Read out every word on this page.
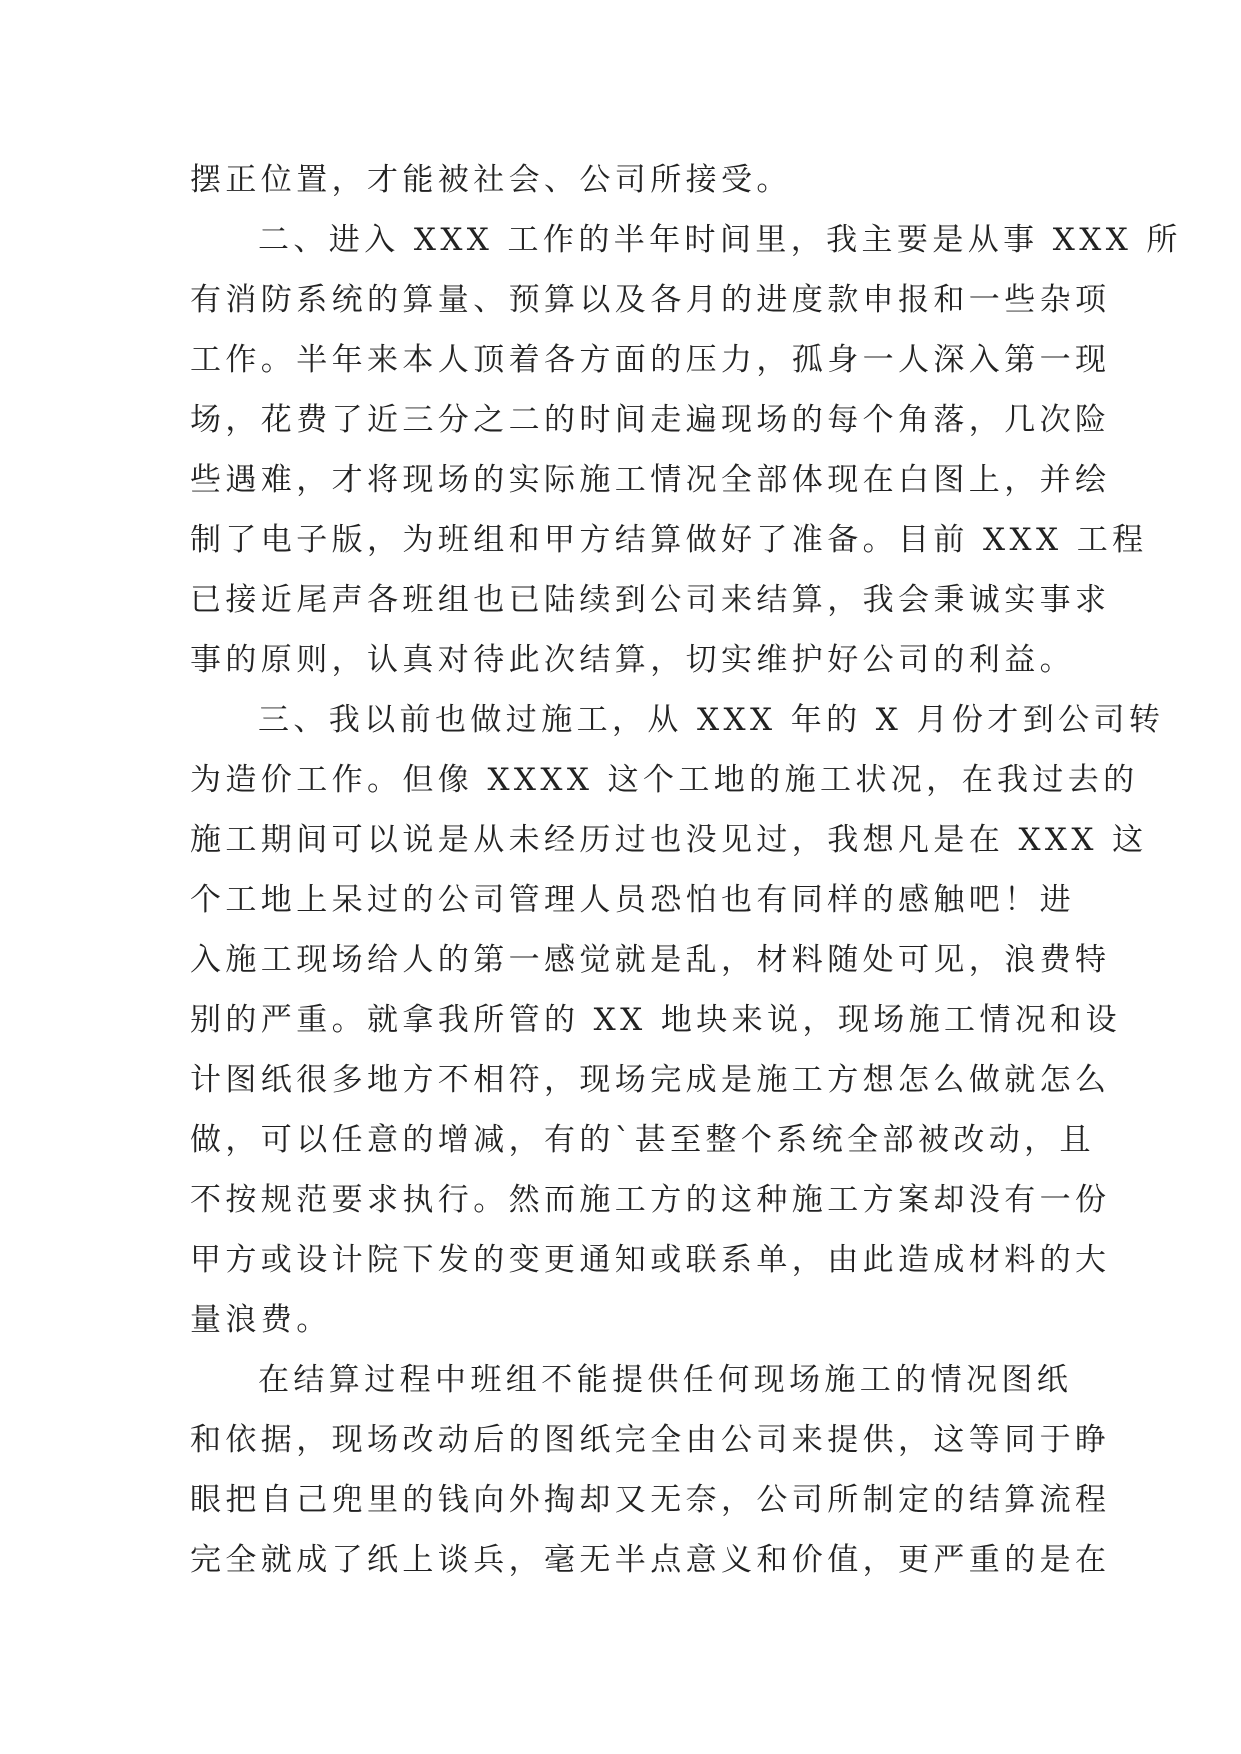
摆正位置，才能被社会、公司所接受。
二、进入 XXX 工作的半年时间里，我主要是从事 XXX 所
有消防系统的算量、预算以及各月的进度款申报和一些杂项
工作。半年来本人顶着各方面的压力，孤身一人深入第一现
场，花费了近三分之二的时间走遍现场的每个角落，几次险
些遇难，才将现场的实际施工情况全部体现在白图上，并绘
制了电子版，为班组和甲方结算做好了准备。目前 XXX 工程
已接近尾声各班组也已陆续到公司来结算，我会秉诚实事求
事的原则，认真对待此次结算，切实维护好公司的利益。
三、我以前也做过施工，从 XXX 年的 X 月份才到公司转
为造价工作。但像 XXXX 这个工地的施工状况，在我过去的
施工期间可以说是从未经历过也没见过，我想凡是在 XXX 这
个工地上呆过的公司管理人员恐怕也有同样的感触吧！进
入施工现场给人的第一感觉就是乱，材料随处可见，浪费特
别的严重。就拿我所管的 XX 地块来说，现场施工情况和设
计图纸很多地方不相符，现场完成是施工方想怎么做就怎么
做，可以任意的增减，有的`甚至整个系统全部被改动，且
不按规范要求执行。然而施工方的这种施工方案却没有一份
甲方或设计院下发的变更通知或联系单，由此造成材料的大
量浪费。
在结算过程中班组不能提供任何现场施工的情况图纸
和依据，现场改动后的图纸完全由公司来提供，这等同于睁
眼把自己兜里的钱向外掏却又无奈，公司所制定的结算流程
完全就成了纸上谈兵，毫无半点意义和价值，更严重的是在
